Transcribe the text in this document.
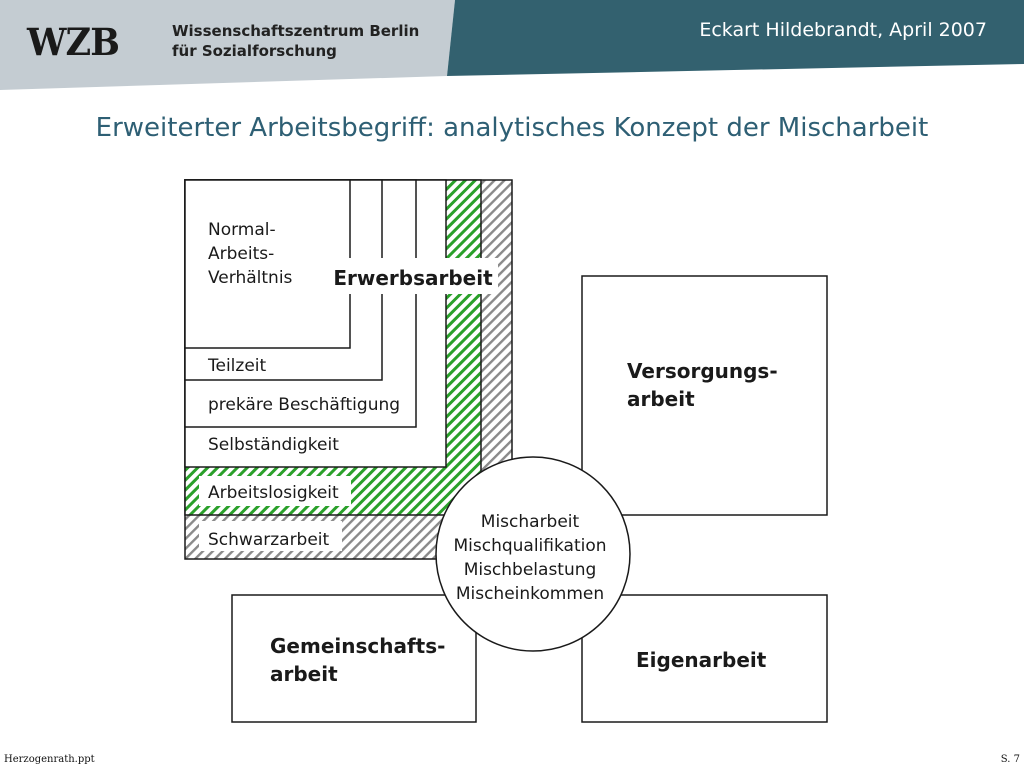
WZB	Wissenschaftszentrum Berlin
für Sozialforschung
Eckart Hildebrandt, April 2007
Erweiterter Arbeitsbegriff: analytisches Konzept der Mischarbeit
Normal-
Arbeits-
Verhältnis
Teilzeit
prekäre Beschäftigung
Selbständigkeit
Arbeitslosigkeit
Schwarzarbeit
Erwerbsarbeit
Versorgungs-
arbeit
Gemeinschafts-
arbeit
Eigenarbeit
Mischarbeit
Mischqualifikation
Mischbelastung
Mischeinkommen
Herzogenrath.ppt	S. 7
